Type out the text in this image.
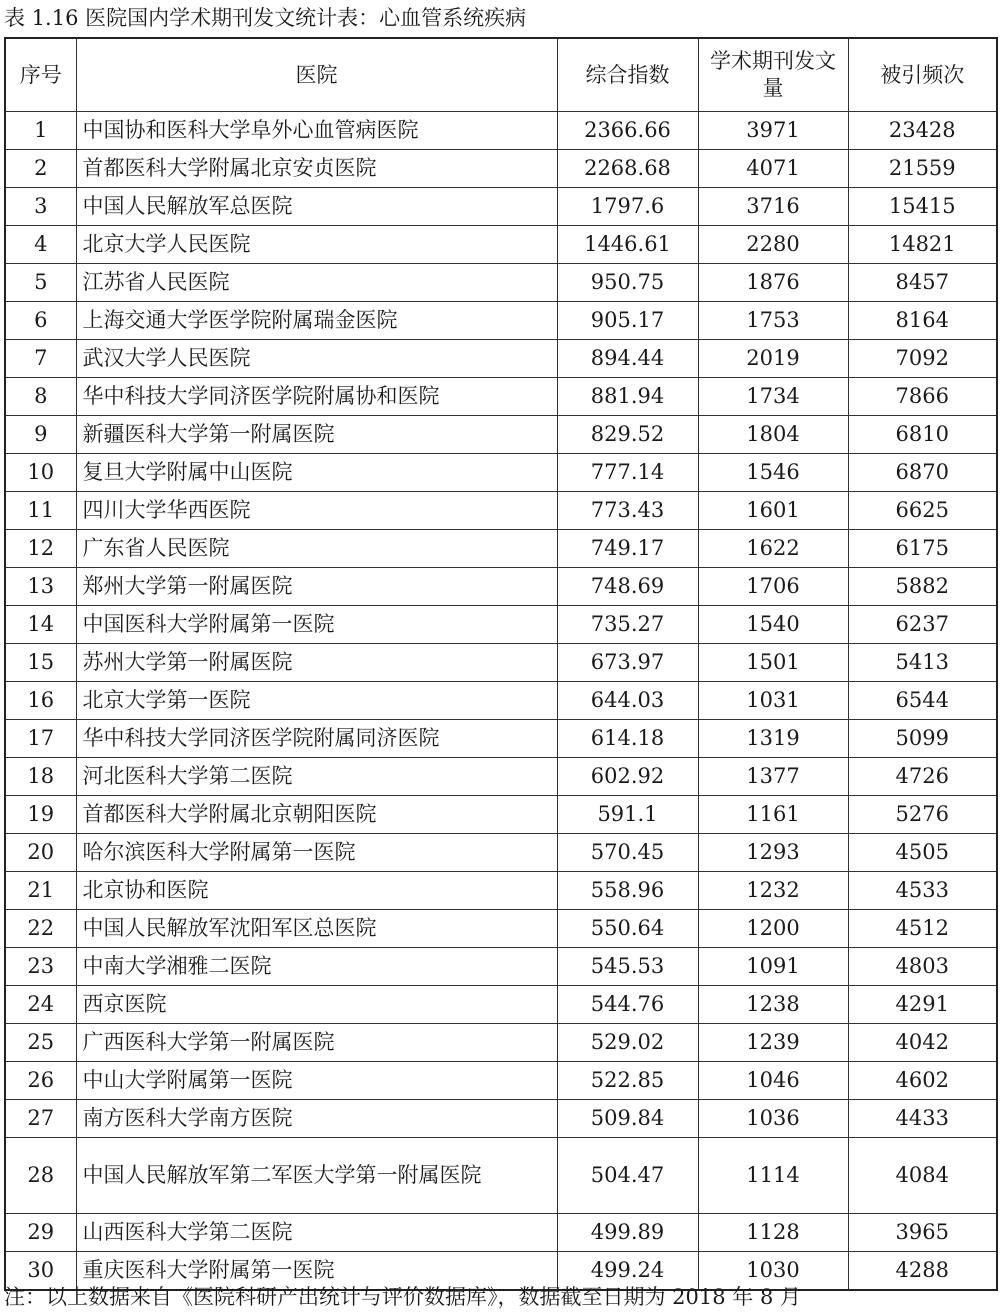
表 1.16 医院国内学术期刊发文统计表：心血管系统疾病
序号	医院	综合指数	学术期刊发文量	被引频次
1	中国协和医科大学阜外心血管病医院	2366.66	3971	23428
2	首都医科大学附属北京安贞医院	2268.68	4071	21559
3	中国人民解放军总医院	1797.6	3716	15415
4	北京大学人民医院	1446.61	2280	14821
5	江苏省人民医院	950.75	1876	8457
6	上海交通大学医学院附属瑞金医院	905.17	1753	8164
7	武汉大学人民医院	894.44	2019	7092
8	华中科技大学同济医学院附属协和医院	881.94	1734	7866
9	新疆医科大学第一附属医院	829.52	1804	6810
10	复旦大学附属中山医院	777.14	1546	6870
11	四川大学华西医院	773.43	1601	6625
12	广东省人民医院	749.17	1622	6175
13	郑州大学第一附属医院	748.69	1706	5882
14	中国医科大学附属第一医院	735.27	1540	6237
15	苏州大学第一附属医院	673.97	1501	5413
16	北京大学第一医院	644.03	1031	6544
17	华中科技大学同济医学院附属同济医院	614.18	1319	5099
18	河北医科大学第二医院	602.92	1377	4726
19	首都医科大学附属北京朝阳医院	591.1	1161	5276
20	哈尔滨医科大学附属第一医院	570.45	1293	4505
21	北京协和医院	558.96	1232	4533
22	中国人民解放军沈阳军区总医院	550.64	1200	4512
23	中南大学湘雅二医院	545.53	1091	4803
24	西京医院	544.76	1238	4291
25	广西医科大学第一附属医院	529.02	1239	4042
26	中山大学附属第一医院	522.85	1046	4602
27	南方医科大学南方医院	509.84	1036	4433
28	中国人民解放军第二军医大学第一附属医院	504.47	1114	4084
29	山西医科大学第二医院	499.89	1128	3965
30	重庆医科大学附属第一医院	499.24	1030	4288
注：以上数据来自《医院科研产出统计与评价数据库》，数据截至日期为 2018 年 8 月
